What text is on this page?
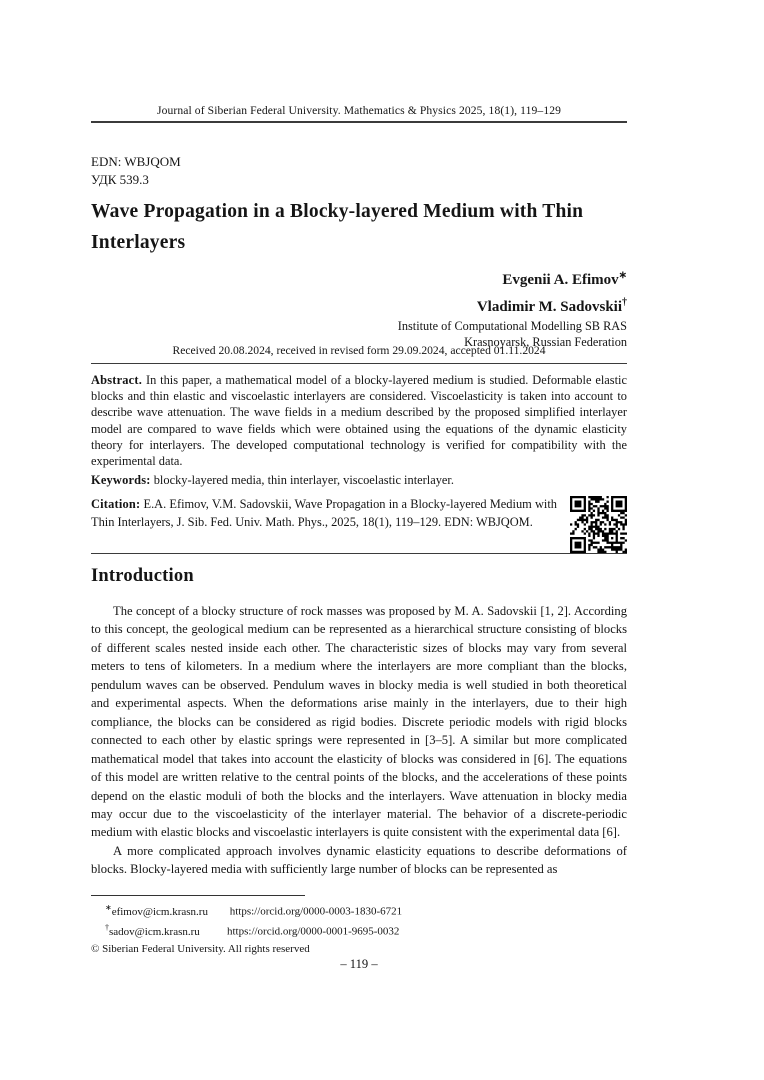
Journal of Siberian Federal University. Mathematics & Physics 2025, 18(1), 119–129
EDN: WBJQOM
УДК 539.3
Wave Propagation in a Blocky-layered Medium with Thin Interlayers
Evgenii A. Efimov∗
Vladimir M. Sadovskii†
Institute of Computational Modelling SB RAS
Krasnoyarsk, Russian Federation
Received 20.08.2024, received in revised form 29.09.2024, accepted 01.11.2024

Abstract. In this paper, a mathematical model of a blocky-layered medium is studied. Deformable elastic blocks and thin elastic and viscoelastic interlayers are considered. Viscoelasticity is taken into account to describe wave attenuation. The wave fields in a medium described by the proposed simplified interlayer model are compared to wave fields which were obtained using the equations of the dynamic elasticity theory for interlayers. The developed computational technology is verified for compatibility with the experimental data.

Keywords: blocky-layered media, thin interlayer, viscoelastic interlayer.

Citation: E.A. Efimov, V.M. Sadovskii, Wave Propagation in a Blocky-layered Medium with Thin Interlayers, J. Sib. Fed. Univ. Math. Phys., 2025, 18(1), 119–129. EDN: WBJQOM.

Introduction

The concept of a blocky structure of rock masses was proposed by M. A. Sadovskii [1, 2]. According to this concept, the geological medium can be represented as a hierarchical structure consisting of blocks of different scales nested inside each other. The characteristic sizes of blocks may vary from several meters to tens of kilometers. In a medium where the interlayers are more compliant than the blocks, pendulum waves can be observed. Pendulum waves in blocky media is well studied in both theoretical and experimental aspects. When the deformations arise mainly in the interlayers, due to their high compliance, the blocks can be considered as rigid bodies. Discrete periodic models with rigid blocks connected to each other by elastic springs were represented in [3–5]. A similar but more complicated mathematical model that takes into account the elasticity of blocks was considered in [6]. The equations of this model are written relative to the central points of the blocks, and the accelerations of these points depend on the elastic moduli of both the blocks and the interlayers. Wave attenuation in blocky media may occur due to the viscoelasticity of the interlayer material. The behavior of a discrete-periodic medium with elastic blocks and viscoelastic interlayers is quite consistent with the experimental data [6].

A more complicated approach involves dynamic elasticity equations to describe deformations of blocks. Blocky-layered media with sufficiently large number of blocks can be represented as

∗efimov@icm.krasn.ru https://orcid.org/0000-0003-1830-6721
†sadov@icm.krasn.ru https://orcid.org/0000-0001-9695-0032
© Siberian Federal University. All rights reserved
– 119 –
